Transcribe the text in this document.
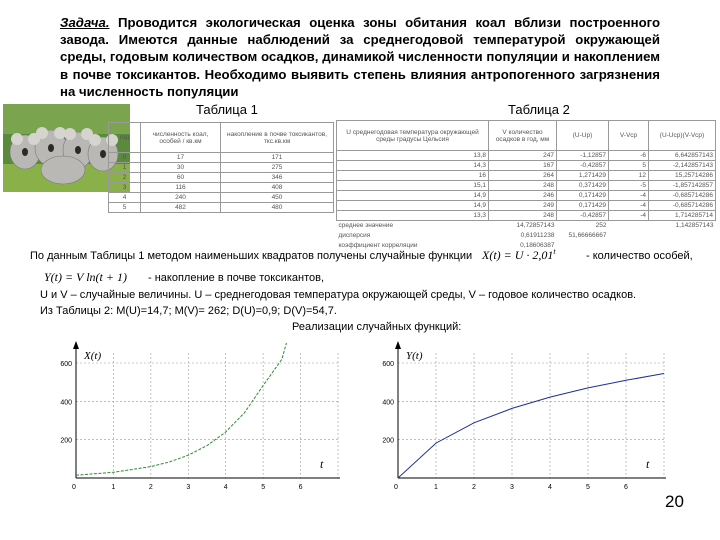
Задача. Проводится экологическая оценка зоны обитания коал вблизи построенного завода. Имеются данные наблюдений за среднегодовой температурой окружающей среды, годовым количеством осадков, динамикой численности популяции и накоплением в почве токсикантов. Необходимо выявить степень влияния антропогенного загрязнения на численность популяции
Таблица 1	Таблица 2
год	численность коал, особей / кв.км	накопление в почве токсикантов, ткс.кв.км
0	17	171
1	30	275
2	60	346
3	116	408
4	240	450
5	482	480
U среднегодовая температура окружающей среды градусы Цельсия	V количество осадков в год, мм	(U-Up)	V-Vср	(U-Uср)(V-Vср)
13,8	247	-1,12857	-6	6,642857143
14,3	167	-0,42857	5	-2,142857143
16	264	1,271429	12	15,25714286
15,1	248	0,371429	-5	-1,857142857
14,9	246	0,171429	-4	-0,685714286
14,9	249	0,171429	-4	-0,685714286
13,3	248	-0,42857	-4	1,714285714
среднее значение	14,72857143	252		1,142857143
дисперсия	0,61911238	51,66666667		
коэффициент корреляции	0,18606387			
По данным Таблицы 1 методом наименьших квадратов получены случайные функции $X(t) = U \cdot 2,01^t$	- количество особей,
Y(t) = V ln(t + 1) - накопление в почве токсикантов,
U и V – случайные величины. U – среднегодовая температура окружающей среды, V – годовое количество осадков.
Из Таблицы 2: M(U)=14,7; M(V)= 262; D(U)=0,9; D(V)=54,7.
Реализации случайных функций:
200
400
600
0	1	2	3	4	5	6
X(t)
t
200
400
600
0	1	2	3	4	5	6
Y(t)
t
20
